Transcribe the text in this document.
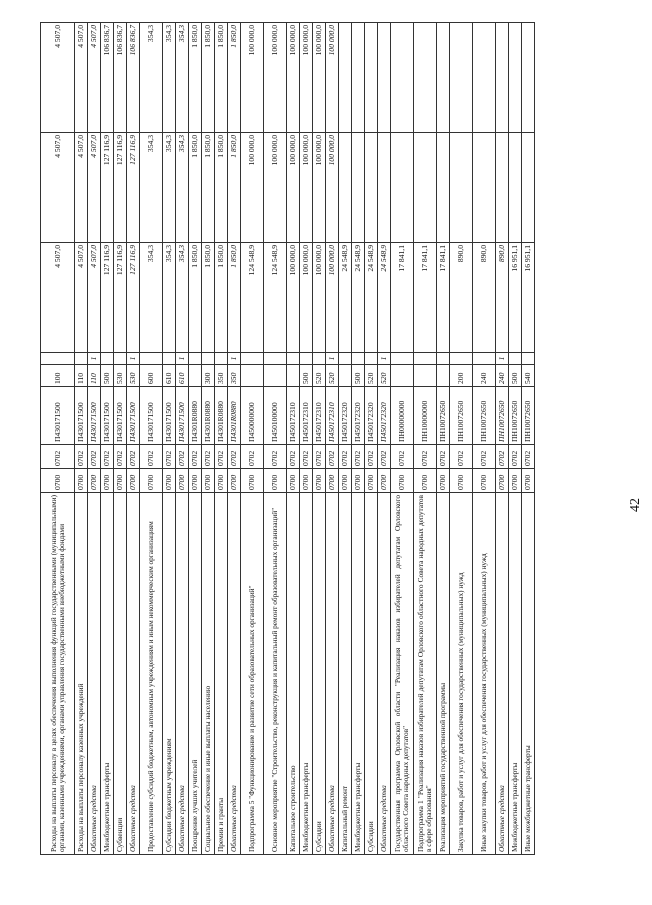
Расходы на выплаты персоналу в целях обеспечения выполнения функций государственными (муниципальными) органами, казенными учреждениями, органами управления государственными внебюджетными фондами	0700	0702	П430171500	100		4 507,0	4 507,0	4 507,0
Расходы на выплаты персоналу казенных учреждений	0700	0702	П430171500	110		4 507,0	4 507,0	4 507,0
Областные средства	0700	0702	П430171500	110	1	4 507,0	4 507,0	4 507,0
Межбюджетные трансферты	0700	0702	П430171500	500		127 116,9	127 116,9	106 836,7
Субвенции	0700	0702	П430171500	530		127 116,9	127 116,9	106 836,7
Областные средства	0700	0702	П430171500	530	1	127 116,9	127 116,9	106 836,7
Предоставление субсидий бюджетным, автономным учреждениям и иным некоммерческим организациям	0700	0702	П430171500	600		354,3	354,3	354,3
Субсидии бюджетным учреждениям	0700	0702	П430171500	610		354,3	354,3	354,3
Областные средства	0700	0702	П430171500	610	1	354,3	354,3	354,3
Поощрение лучших учителей	0700	0702	П4301R0880			1 850,0	1 850,0	1 850,0
Социальное обеспечение и иные выплаты населению	0700	0702	П4301R0880	300		1 850,0	1 850,0	1 850,0
Премии и гранты	0700	0702	П4301R0880	350		1 850,0	1 850,0	1 850,0
Областные средства	0700	0702	П4301R0880	350	1	1 850,0	1 850,0	1 850,0
Подпрограмма 5 "Функционирование и развитие сети образовательных организаций"	0700	0702	П450000000			124 548,9	100 000,0	100 000,0
Основное мероприятие "Строительство, реконструкция и капитальный ремонт образовательных организаций"	0700	0702	П450100000			124 548,9	100 000,0	100 000,0
Капитальное строительство	0700	0702	П450172310			100 000,0	100 000,0	100 000,0
Межбюджетные трансферты	0700	0702	П450172310	500		100 000,0	100 000,0	100 000,0
Субсидии	0700	0702	П450172310	520		100 000,0	100 000,0	100 000,0
Областные средства	0700	0702	П450172310	520	1	100 000,0	100 000,0	100 000,0
Капитальный ремонт	0700	0702	П450172320			24 548,9		
Межбюджетные трансферты	0700	0702	П450172320	500		24 548,9		
Субсидии	0700	0702	П450172320	520		24 548,9		
Областные средства	0700	0702	П450172320	520	1	24 548,9		
Государственная программа Орловской области "Реализация наказов избирателей депутатам Орловского областного Совета народных депутатов"	0700	0702	ПН00000000			17 841,1		
Подпрограмма 1 "Реализация наказов избирателей депутатам Орловского областного Совета народных депутатов в сфере образования"	0700	0702	ПН10000000			17 841,1		
Реализация мероприятий государственной программы	0700	0702	ПН10072650			17 841,1		
Закупка товаров, работ и услуг для обеспечения государственных (муниципальных) нужд	0700	0702	ПН10072650	200		890,0		
Иные закупки товаров, работ и услуг для обеспечения государственных (муниципальных) нужд	0700	0702	ПН10072650	240		890,0		
Областные средства	0700	0702	ПН10072650	240	1	890,0		
Межбюджетные трансферты	0700	0702	ПН10072650	500		16 951,1		
Иные межбюджетные трансферты	0700	0702	ПН10072650	540		16 951,1		
42
